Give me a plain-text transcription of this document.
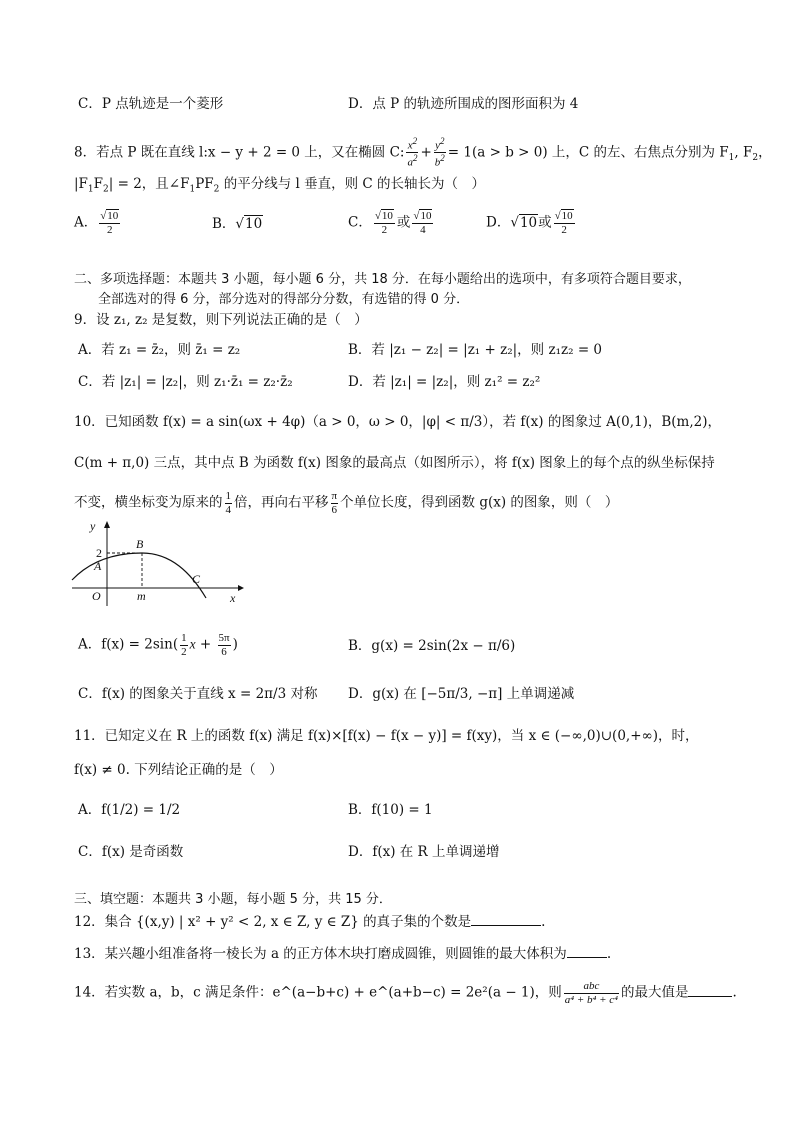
C．P 点轨迹是一个菱形	D．点 P 的轨迹所围成的图形面积为 4
8．若点 P 既在直线 l:x − y + 2 = 0 上，又在椭圆 C: $\frac{x^2}{a^2} + \frac{y^2}{b^2} = 1(a > b > 0)$ 上，C 的左、右焦点分别为 $F_1$, $F_2$，
$|F_1F_2| = 2$，且$\angle F_1PF_2$ 的平分线与 l 垂直，则 C 的长轴长为（　）
A． $\frac{√10}{2}$	B．√10	C． $\frac{√10}{2}$ 或 $\frac{√10}{4}$	D．√10或 $\frac{√10}{2}$
二、多项选择题：本题共 3 小题，每小题 6 分，共 18 分．在每小题给出的选项中，有多项符合题目要求，
全部选对的得 6 分，部分选对的得部分分数，有选错的得 0 分．
9．设 z₁, z₂ 是复数，则下列说法正确的是（　）
A．若 z₁ = z̄₂，则 z̄₁ = z₂	B．若 |z₁ − z₂| = |z₁ + z₂|，则 z₁z₂ = 0
C．若 |z₁| = |z₂|，则 z₁·z̄₁ = z₂·z̄₂	D．若 |z₁| = |z₂|，则 z₁² = z₂²
10．已知函数 f(x) = a sin(ωx + 4φ)（a > 0，ω > 0，|φ| < π/3），若 f(x) 的图象过 A(0,1)，B(m,2)，
C(m + π,0) 三点，其中点 B 为函数 f(x) 图象的最高点（如图所示），将 f(x) 图象上的每个点的纵坐标保持
不变，横坐标变为原来的 $\frac{1}{4}$ 倍，再向右平移 $\frac{\pi}{6}$ 个单位长度，得到函数 g(x) 的图象，则（　）
y
x
O
2
A
B
C
m
A．$f(x) = 2\sin( \frac{1}{2}$ $x + \frac{5\pi}{6}$ )	B．g(x) = 2sin(2x − π/6)
C．f(x) 的图象关于直线 x = 2π/3 对称 D．g(x) 在 [−5π/3, −π] 上单调递减
11．已知定义在 R 上的函数 f(x) 满足 f(x)×[f(x) − f(x − y)] = f(xy)，当 x ∈ (−∞,0)∪(0,+∞)，时，
f(x) ≠ 0. 下列结论正确的是（　）
A．f(1/2) = 1/2	B．f(10) = 1
C．f(x) 是奇函数	D．f(x) 在 R 上单调递增
三、填空题：本题共 3 小题，每小题 5 分，共 15 分．
12．集合 {(x,y) | x² + y² < 2, x ∈ Z, y ∈ Z} 的真子集的个数是	.
13．某兴趣小组准备将一棱长为 a 的正方体木块打磨成圆锥，则圆锥的最大体积为	.
14．若实数 a，b，c 满足条件：e^(a−b+c) + e^(a+b−c) = 2e²(a − 1)，则 $\frac{\text{abc}}{\text{a⁴ + b⁴ + c⁴}}$ 的最大值是	.
